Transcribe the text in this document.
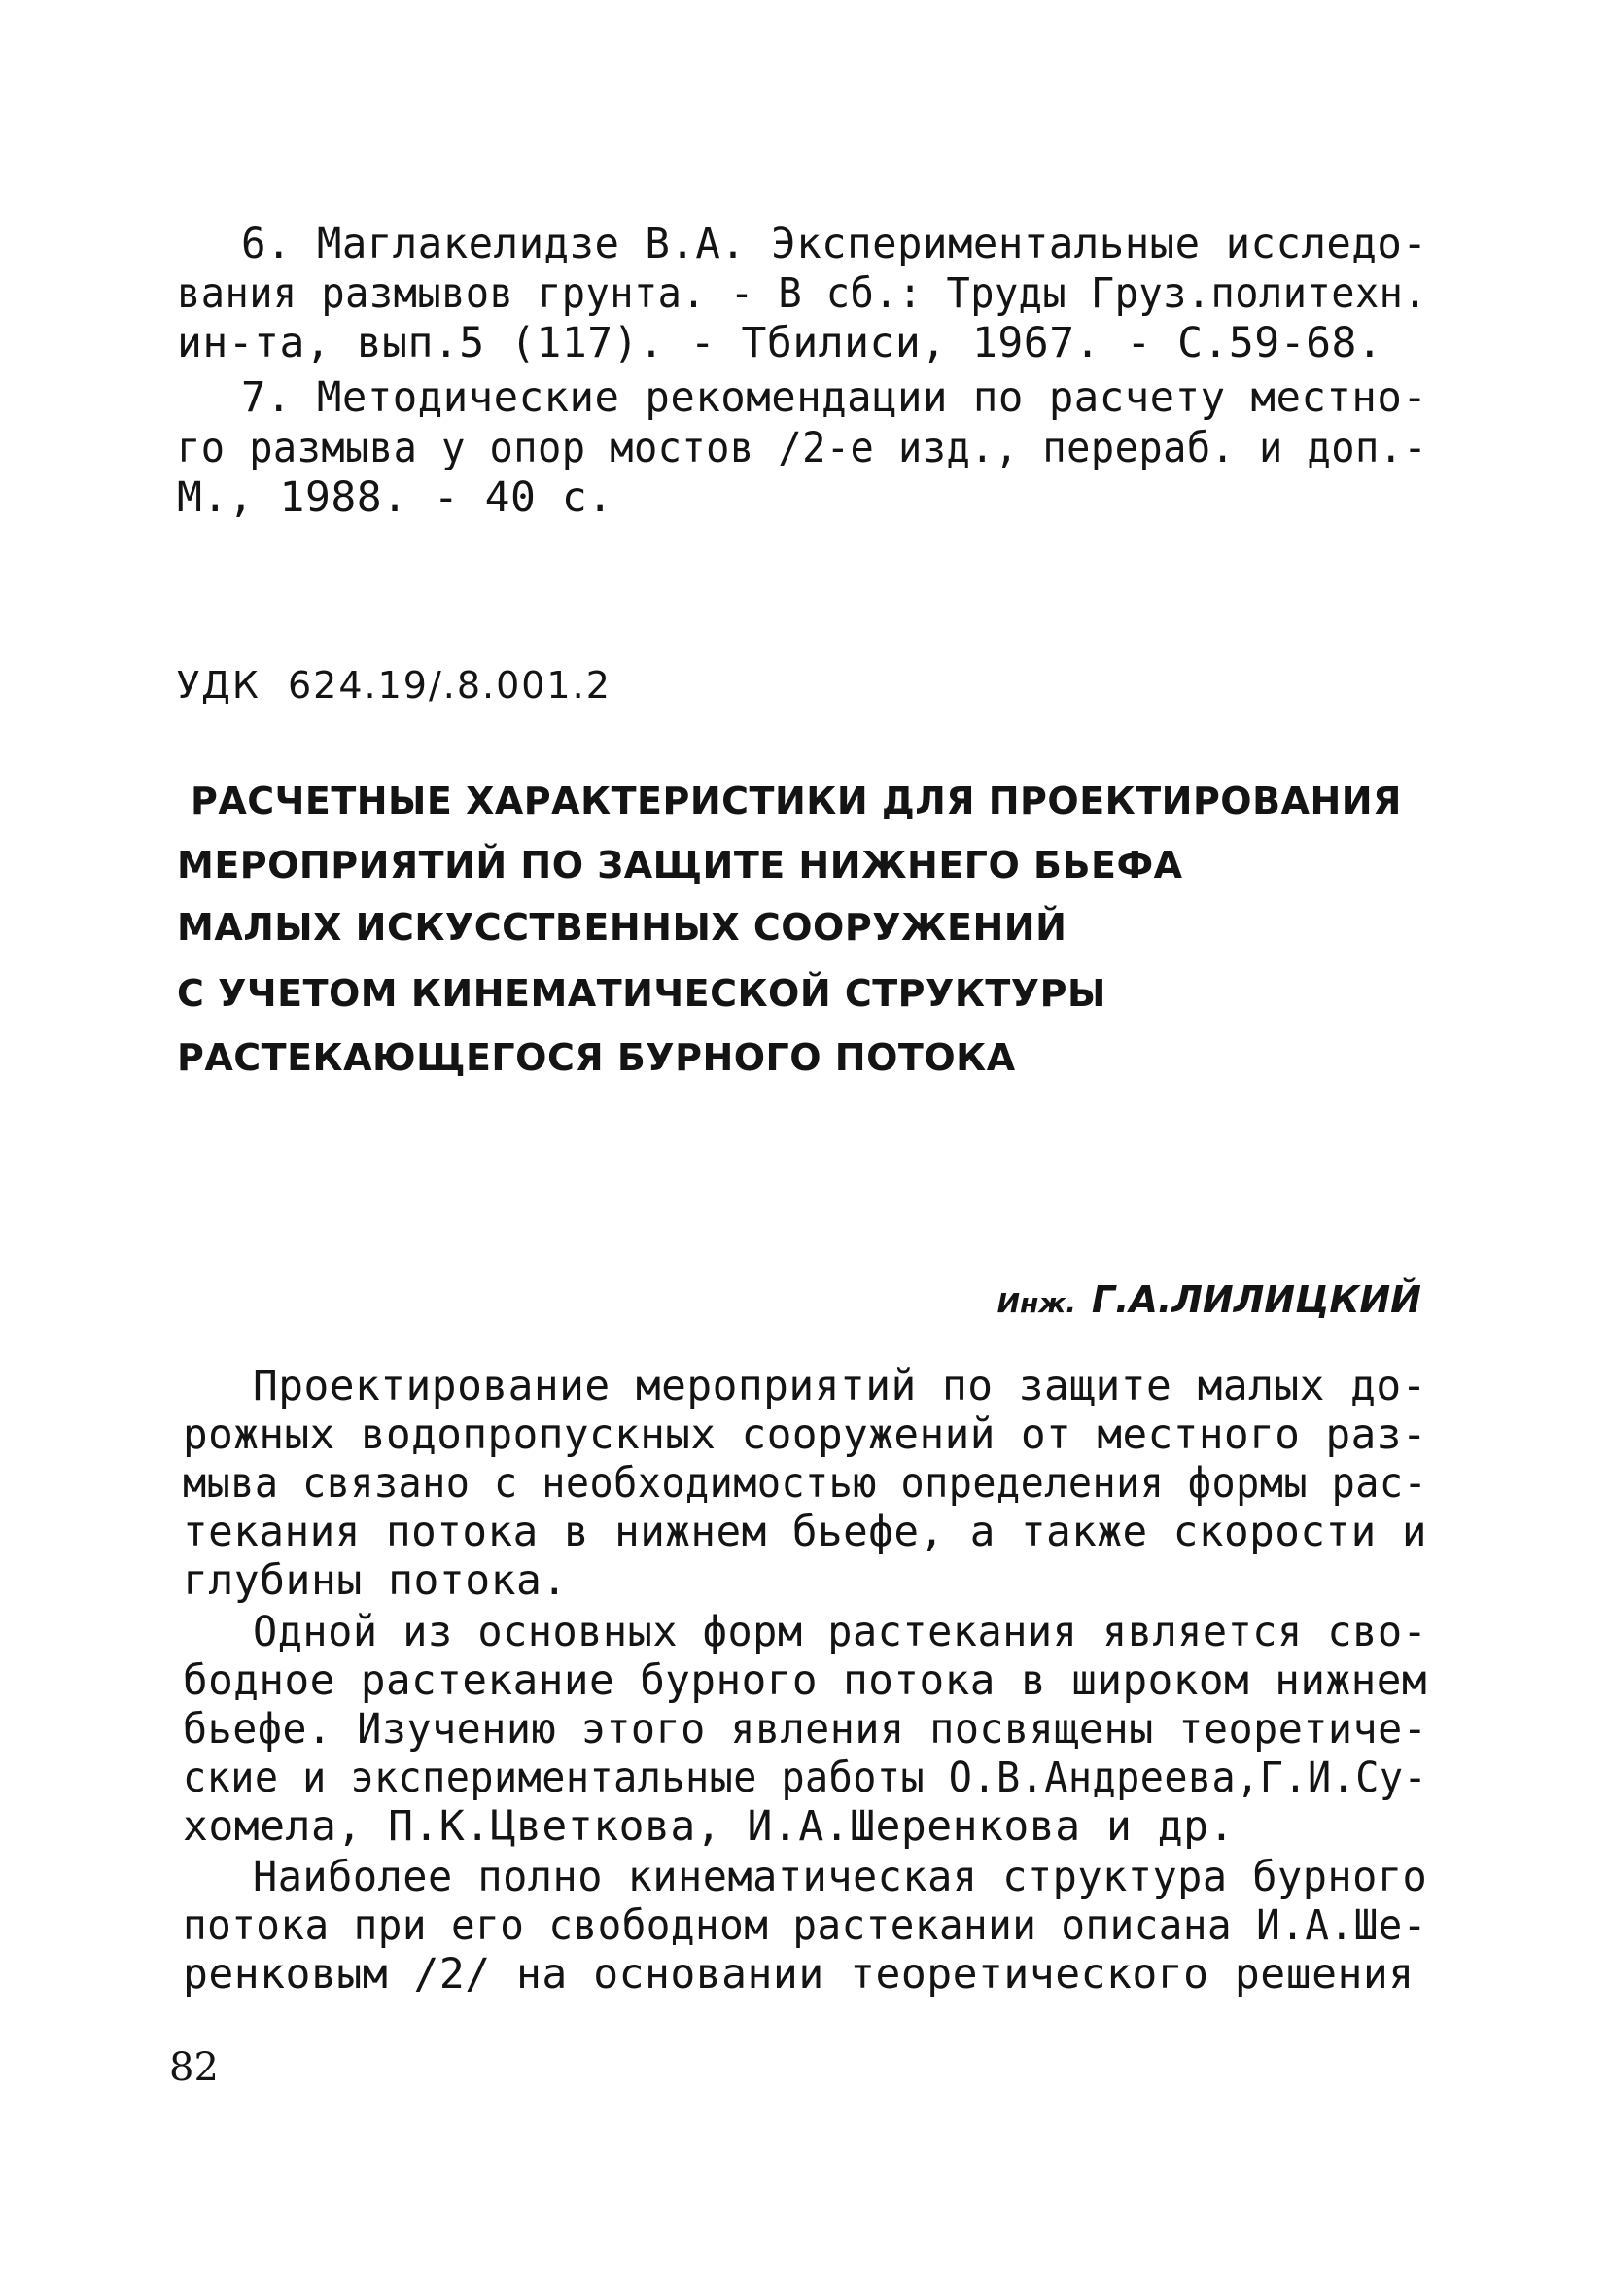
6. Маглакелидзе В.А. Экспериментальные исследо-
вания размывов грунта. - В сб.: Труды Груз.политехн.
ин-та, вып.5 (117). - Тбилиси, 1967. - С.59-68.
7. Методические рекомендации по расчету местно-
го размыва у опор мостов /2-е изд., перераб. и доп.-
М., 1988. - 40 с.
УДК  624.19/.8.001.2
РАСЧЕТНЫЕ ХАРАКТЕРИСТИКИ ДЛЯ ПРОЕКТИРОВАНИЯ
МЕРОПРИЯТИЙ ПО ЗАЩИТЕ НИЖНЕГО БЬЕФА
МАЛЫХ ИСКУССТВЕННЫХ СООРУЖЕНИЙ
С УЧЕТОМ КИНЕМАТИЧЕСКОЙ СТРУКТУРЫ
РАСТЕКАЮЩЕГОСЯ БУРНОГО ПОТОКА

Инж. Г.А.ЛИЛИЦКИЙ

Проектирование мероприятий по защите малых до-
рожных водопропускных сооружений от местного раз-
мыва связано с необходимостью определения формы рас-
текания потока в нижнем бьефе, а также скорости и
глубины потока.
Одной из основных форм растекания является сво-
бодное растекание бурного потока в широком нижнем
бьефе. Изучению этого явления посвящены теоретиче-
ские и экспериментальные работы О.В.Андреева,Г.И.Су-
хомела, П.К.Цветкова, И.А.Шеренкова и др.
Наиболее полно кинематическая структура бурного
потока при его свободном растекании описана И.А.Ше-
ренковым /2/ на основании теоретического решения
82
